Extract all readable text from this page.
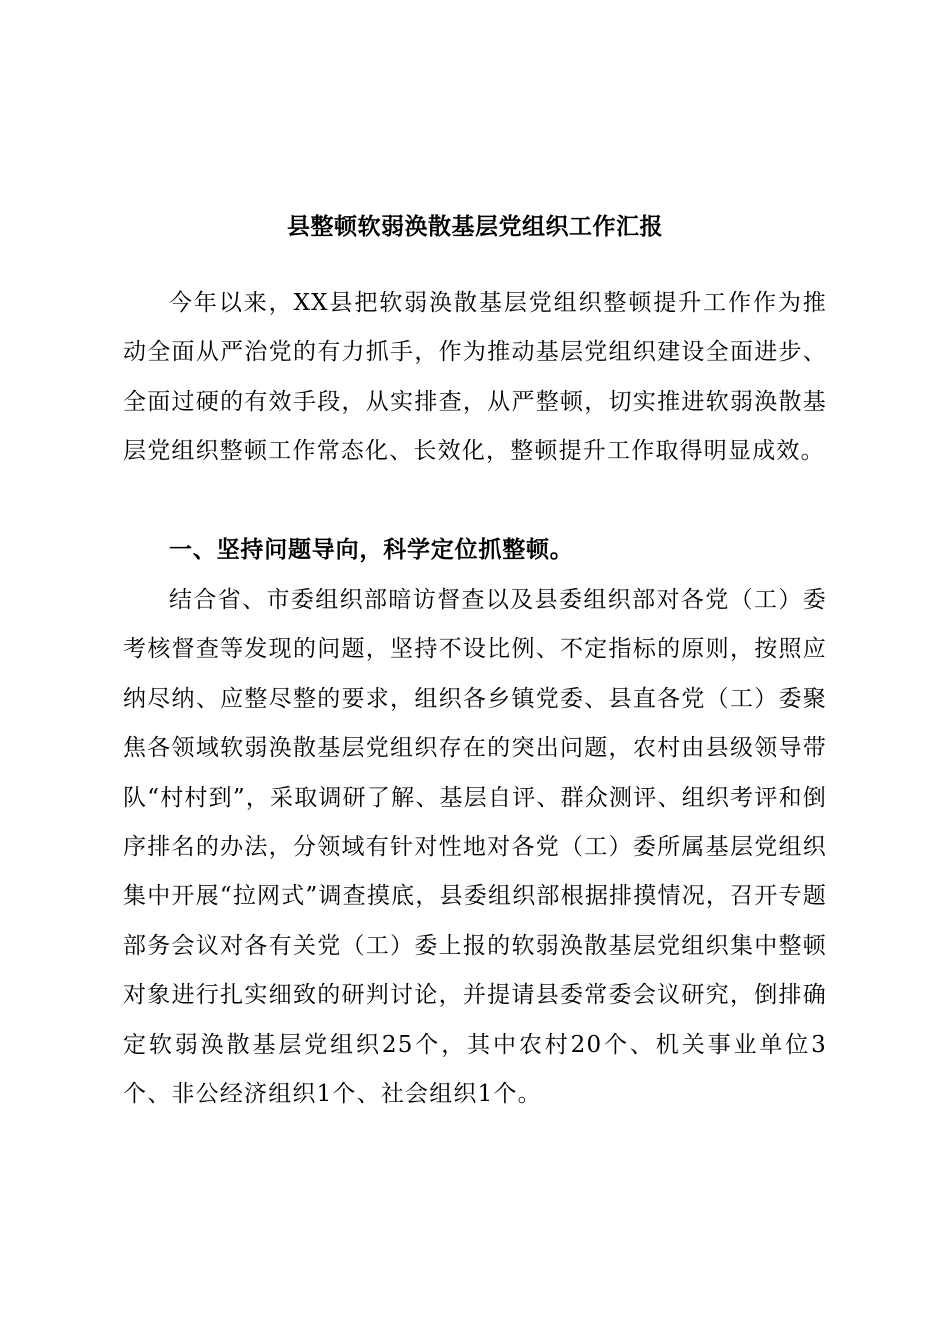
县整顿软弱涣散基层党组织工作汇报

今年以来，XX县把软弱涣散基层党组织整顿提升工作作为推动全面从严治党的有力抓手，作为推动基层党组织建设全面进步、全面过硬的有效手段，从实排查，从严整顿，切实推进软弱涣散基层党组织整顿工作常态化、长效化，整顿提升工作取得明显成效。

一、坚持问题导向，科学定位抓整顿。

结合省、市委组织部暗访督查以及县委组织部对各党（工）委考核督查等发现的问题，坚持不设比例、不定指标的原则，按照应纳尽纳、应整尽整的要求，组织各乡镇党委、县直各党（工）委聚焦各领域软弱涣散基层党组织存在的突出问题，农村由县级领导带队“村村到”，采取调研了解、基层自评、群众测评、组织考评和倒序排名的办法，分领域有针对性地对各党（工）委所属基层党组织集中开展“拉网式”调查摸底，县委组织部根据排摸情况，召开专题部务会议对各有关党（工）委上报的软弱涣散基层党组织集中整顿对象进行扎实细致的研判讨论，并提请县委常委会议研究，倒排确定软弱涣散基层党组织25个，其中农村20个、机关事业单位3个、非公经济组织1个、社会组织1个。
